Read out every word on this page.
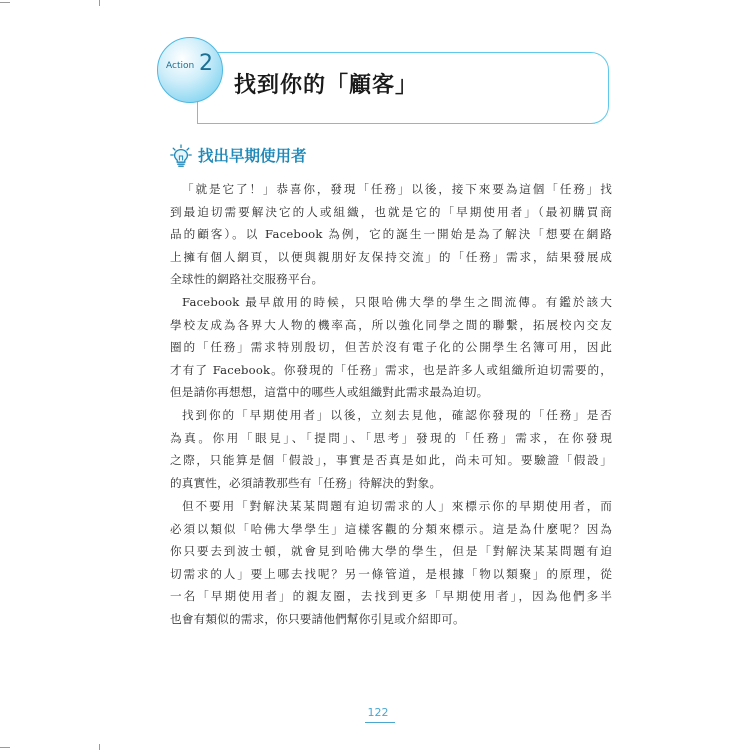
Action 2
找到你的「顧客」
找出早期使用者
「就是它了！」恭喜你，發現「任務」以後，接下來要為這個「任務」找
到最迫切需要解決它的人或組織，也就是它的「早期使用者」（最初購買商
品的顧客）。以 Facebook 為例，它的誕生一開始是為了解決「想要在網路
上擁有個人網頁，以便與親朋好友保持交流」的「任務」需求，結果發展成
全球性的網路社交服務平台。
Facebook 最早啟用的時候，只限哈佛大學的學生之間流傳。有鑑於該大
學校友成為各界大人物的機率高，所以強化同學之間的聯繫，拓展校內交友
圈的「任務」需求特別殷切，但苦於沒有電子化的公開學生名簿可用，因此
才有了 Facebook。你發現的「任務」需求，也是許多人或組織所迫切需要的，
但是請你再想想，這當中的哪些人或組織對此需求最為迫切。
找到你的「早期使用者」以後，立刻去見他，確認你發現的「任務」是否
為真。你用「眼見」、「提問」、「思考」發現的「任務」需求，在你發現
之際，只能算是個「假設」，事實是否真是如此，尚未可知。要驗證「假設」
的真實性，必須請教那些有「任務」待解決的對象。
但不要用「對解決某某問題有迫切需求的人」來標示你的早期使用者，而
必須以類似「哈佛大學學生」這樣客觀的分類來標示。這是為什麼呢？因為
你只要去到波士頓，就會見到哈佛大學的學生，但是「對解決某某問題有迫
切需求的人」要上哪去找呢？另一條管道，是根據「物以類聚」的原理，從
一名「早期使用者」的親友圈，去找到更多「早期使用者」，因為他們多半
也會有類似的需求，你只要請他們幫你引見或介紹即可。
122
